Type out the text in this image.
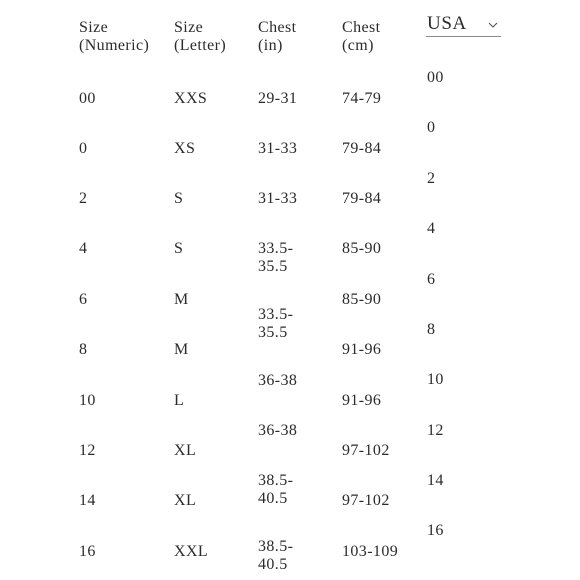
Size
(Numeric)
Size
(Letter)
Chest
(in)
Chest
(cm)
USA
00
0
2
4
6
8
10
12
14
16
XXS
XS
S
S
M
M
L
XL
XL
XXL
29-31
31-33
31-33
33.5-
35.5
33.5-
35.5
36-38
36-38
38.5-
40.5
38.5-
40.5
74-79
79-84
79-84
85-90
85-90
91-96
91-96
97-102
97-102
103-109
00
0
2
4
6
8
10
12
14
16
